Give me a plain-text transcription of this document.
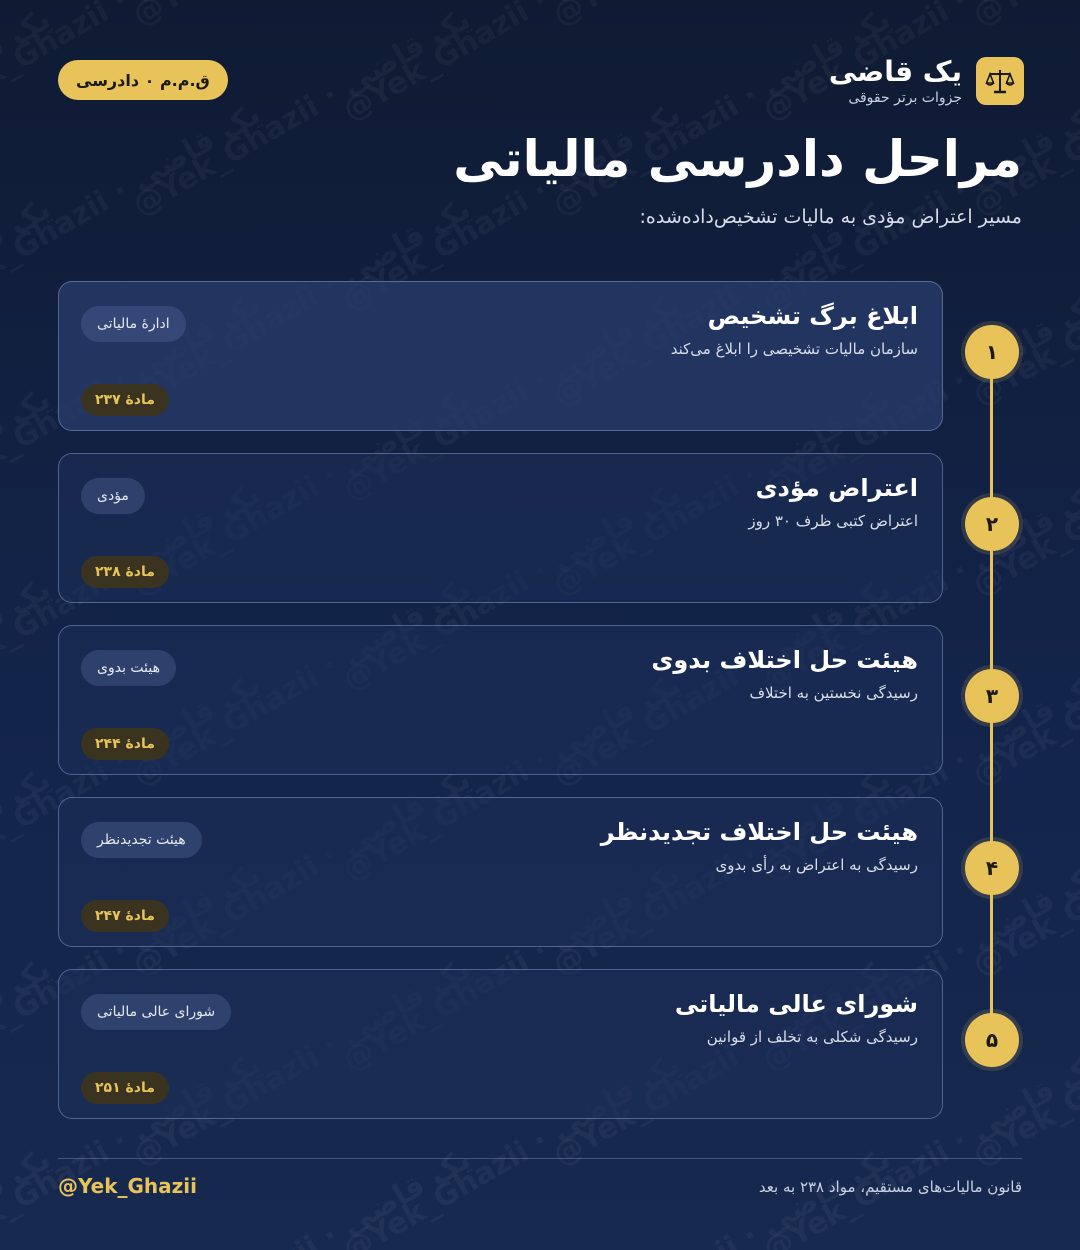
یک قاضی
جزوات برتر حقوقی
ق.م.م ۰ دادرسی
مراحل دادرسی مالیاتی
مسیر اعتراض مؤدی به مالیات تشخیص‌داده‌شده:
۱
ابلاغ برگ تشخیص
سازمان مالیات تشخیصی را ابلاغ می‌کند
ادارهٔ مالیاتی
مادهٔ ۲۳۷
۲
اعتراض مؤدی
اعتراض کتبی ظرف ۳۰ روز
مؤدی
مادهٔ ۲۳۸
۳
هیئت حل اختلاف بدوی
رسیدگی نخستین به اختلاف
هیئت بدوی
مادهٔ ۲۴۴
۴
هیئت حل اختلاف تجدیدنظر
رسیدگی به اعتراض به رأی بدوی
هیئت تجدیدنظر
مادهٔ ۲۴۷
۵
شورای عالی مالیاتی
رسیدگی شکلی به تخلف از قوانین
شورای عالی مالیاتی
مادهٔ ۲۵۱
@Yek_Ghazii	قانون مالیات‌های مستقیم، مواد ۲۳۸ به بعد
